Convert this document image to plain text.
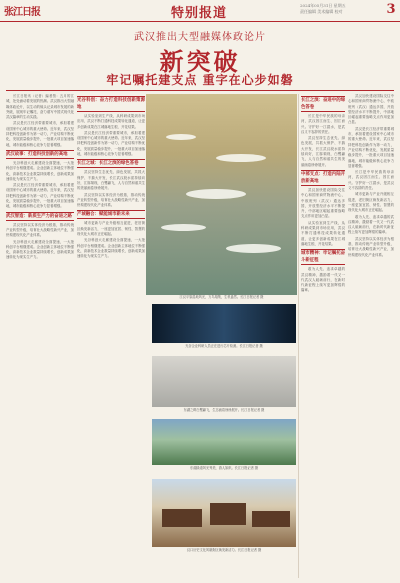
张江日报	特别报道
2024年05月31日 星期五
责任编辑 美术编辑 校对	3
武汉推出大型融媒体政论片
新突破
牢记嘱托建支点 重字在心步如磐

长江日报讯（记者）编者按：五月的江城，处处涌动着发展的热潮。武汉推出大型融媒体政论片，以生动的镜头记录城市发展的新突破，展现牢记嘱托、奋力谱写中国式现代化武汉篇章的生动实践。

武汉是长江经济带重要城市，承担着建设国家中心城市的重大使命。近年来，武汉坚持把科技创新作为第一动力，产业结构不断优化，发展质量稳步提升，一批重大项目加速落地，城市能级和核心竞争力显著增强。

武汉故事：打造科技创新的高地

光谷科创大走廊建设全面提速，一大批科创平台相继建成。企业创新主体地位不断强化，高新技术企业数量持续增长，创新成果加速转化为现实生产力。

武汉是长江经济带重要城市，承担着建设国家中心城市的重大使命。近年来，武汉坚持把科技创新作为第一动力，产业结构不断优化，发展质量稳步提升，一批重大项目加速落地，城市能级和核心竞争力显著增强。

武汉智造：新质生产力的奋进之路

武汉坚持以实体经济为根基，推动传统产业转型升级，培育壮大战略性新兴产业，加快构建现代化产业体系。

光谷科创大走廊建设全面提速，一大批科创平台相继建成。企业创新主体地位不断强化，高新技术企业数量持续增长，创新成果加速转化为现实生产力。

光谷科创：奋力打造科技创新策源地

从实验室到生产线，从科研成果到市场应用，武汉不断打通科技成果转化通道，让更多创新成果在江城落地生根、开花结果。

武汉是长江经济带重要城市，承担着建设国家中心城市的重大使命。近年来，武汉坚持把科技创新作为第一动力，产业结构不断优化，发展质量稳步提升，一批重大项目加速落地，城市能级和核心竞争力显著增强。

长江之城：长江之滨的绿色答卷

武汉坚持生态优先、绿色发展，共抓大保护、不搞大开发，长江武汉段水质持续向好，江豚频现，白鹭翩飞，人与自然和谐共生的美丽画卷徐徐展开。

武汉坚持以实体经济为根基，推动传统产业转型升级，培育壮大战略性新兴产业，加快构建现代化产业体系。

产城融合：赋能城市新未来

城市更新与产业升级相互促进，老旧街区焕发新活力，一座更加宜居、韧性、智慧的现代化大城市正在崛起。

光谷科创大走廊建设全面提速，一大批科创平台相继建成。企业创新主体地位不断强化，高新技术企业数量持续增长，创新成果加速转化为现实生产力。

江汉平原湿地风光，万鸟翔集，生机盎然。长江日报记者 摄
光谷企业科研人员正在进行芯片检测。长江日报记者 摄
东湖之畔白鹭翩飞，生态画卷徐徐展开。长江日报记者 摄
东湖绿道风光秀美，游人如织。长江日报记者 摄
汉口历史文化风貌街区焕发新活力。长江日报记者 摄
长江之滨：奋进中的绿色答卷

长江是中华民族的母亲河，武汉因江而生、因江而兴。守护好一江碧水，是武汉义不容辞的责任。

武汉坚持生态优先、绿色发展，共抓大保护、不搞大开发，长江武汉段水质持续向好，江豚频现，白鹭翩飞，人与自然和谐共生的美丽画卷徐徐展开。

中部支点：打造内陆开放新高地

武汉加快建设国际交往中心和国家商贸物流中心，中欧班列（武汉）通达多国，开放型经济水平不断提升，中部地区崛起重要战略支点作用更加凸显。

从实验室到生产线，从科研成果到市场应用，武汉不断打通科技成果转化通道，让更多创新成果在江城落地生根、开花结果。

城市精神：牢记嘱托奋斗新征程

敢为人先、追求卓越的武汉精神，激励着一代又一代武汉人砥砺前行，在新时代新征程上续写更加辉煌的篇章。

武汉加快建设国际交往中心和国家商贸物流中心，中欧班列（武汉）通达多国，开放型经济水平不断提升，中部地区崛起重要战略支点作用更加凸显。

武汉是长江经济带重要城市，承担着建设国家中心城市的重大使命。近年来，武汉坚持把科技创新作为第一动力，产业结构不断优化，发展质量稳步提升，一批重大项目加速落地，城市能级和核心竞争力显著增强。

长江是中华民族的母亲河，武汉因江而生、因江而兴。守护好一江碧水，是武汉义不容辞的责任。

城市更新与产业升级相互促进，老旧街区焕发新活力，一座更加宜居、韧性、智慧的现代化大城市正在崛起。

敢为人先、追求卓越的武汉精神，激励着一代又一代武汉人砥砺前行，在新时代新征程上续写更加辉煌的篇章。

武汉坚持以实体经济为根基，推动传统产业转型升级，培育壮大战略性新兴产业，加快构建现代化产业体系。
